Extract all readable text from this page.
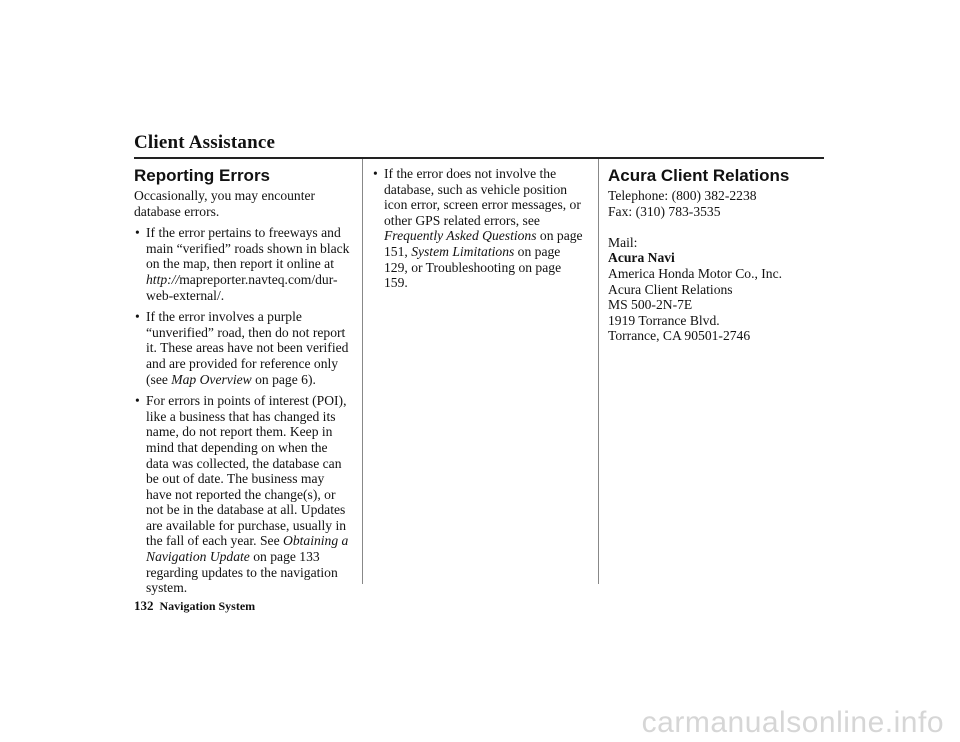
Client Assistance
Reporting Errors

Occasionally, you may encounter database errors.

• If the error pertains to freeways and main “verified” roads shown in black on the map, then report it online at http://mapreporter.navteq.com/dur-web-external/.
• If the error involves a purple “unverified” road, then do not report it. These areas have not been verified and are provided for reference only (see Map Overview on page 6).
• For errors in points of interest (POI), like a business that has changed its name, do not report them. Keep in mind that depending on when the data was collected, the database can be out of date. The business may have not reported the change(s), or not be in the database at all. Updates are available for purchase, usually in the fall of each year. See Obtaining a Navigation Update on page 133 regarding updates to the navigation system.
• If the error does not involve the database, such as vehicle position icon error, screen error messages, or other GPS related errors, see Frequently Asked Questions on page 151, System Limitations on page 129, or Troubleshooting on page 159.
Acura Client Relations
Telephone: (800) 382-2238
Fax: (310) 783-3535
Mail:
Acura Navi
America Honda Motor Co., Inc.
Acura Client Relations
MS 500-2N-7E
1919 Torrance Blvd.
Torrance, CA 90501-2746
132 Navigation System
carmanualsonline.info
